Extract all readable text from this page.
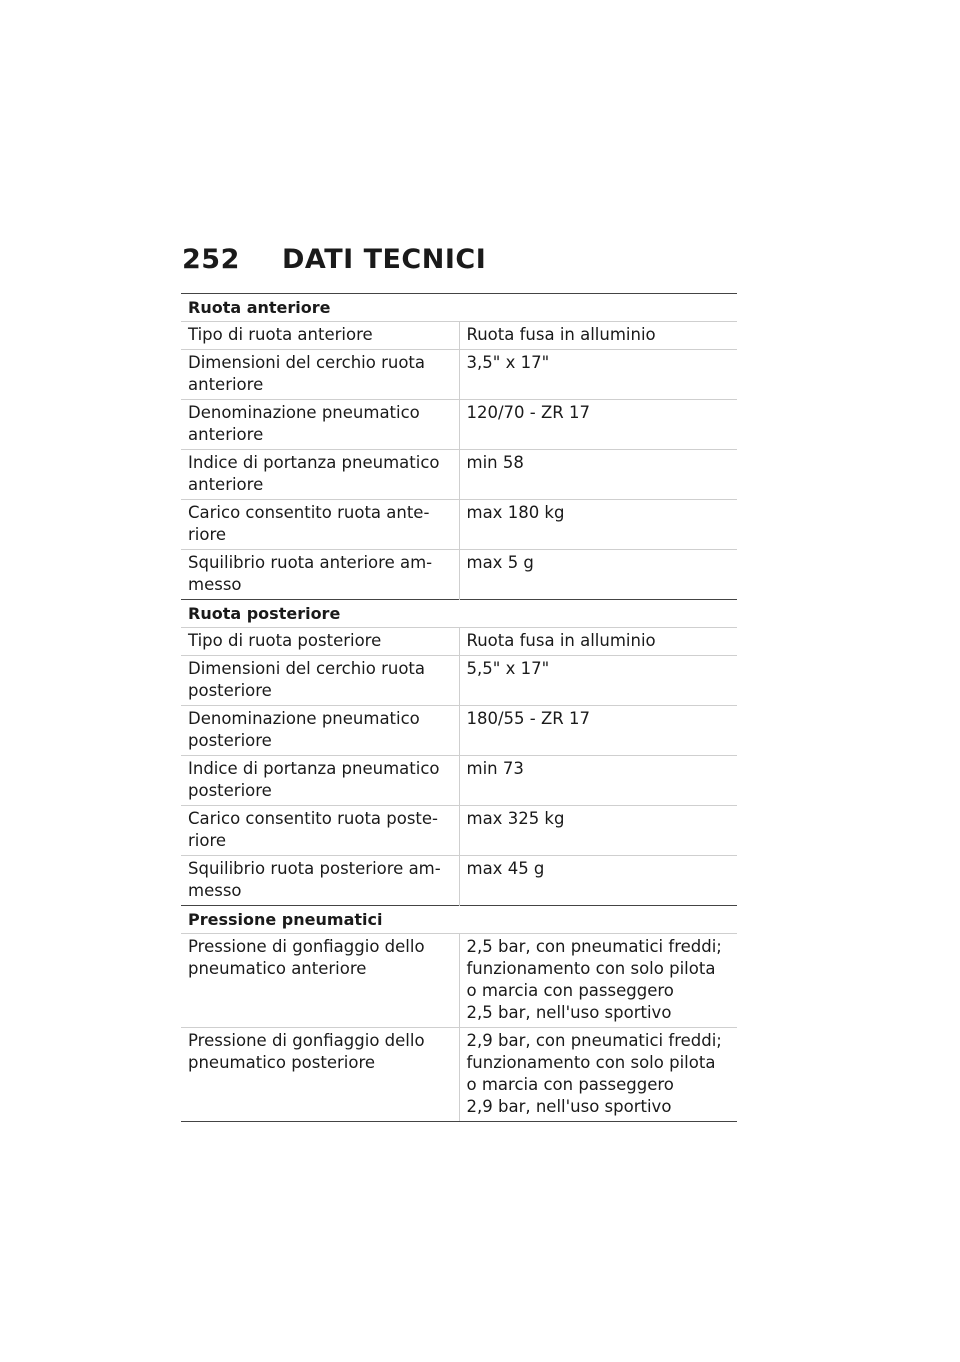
252 DATI TECNICI
Ruota anteriore	

Tipo di ruota anteriore	Ruota fusa in alluminio

Dimensioni del cerchio ruota
anteriore	3,5" x 17"

Denominazione pneumatico
anteriore	120/70 - ZR 17

Indice di portanza pneumatico
anteriore	min 58

Carico consentito ruota ante-
riore	max 180 kg

Squilibrio ruota anteriore am-
messo	max 5 g

Ruota posteriore	

Tipo di ruota posteriore	Ruota fusa in alluminio

Dimensioni del cerchio ruota
posteriore	5,5" x 17"

Denominazione pneumatico
posteriore	180/55 - ZR 17

Indice di portanza pneumatico
posteriore	min 73

Carico consentito ruota poste-
riore	max 325 kg

Squilibrio ruota posteriore am-
messo	max 45 g

Pressione pneumatici	

Pressione di gonfiaggio dello
pneumatico anteriore	2,5 bar, con pneumatici freddi;
funzionamento con solo pilota
o marcia con passeggero
2,5 bar, nell'uso sportivo

Pressione di gonfiaggio dello
pneumatico posteriore	2,9 bar, con pneumatici freddi;
funzionamento con solo pilota
o marcia con passeggero
2,9 bar, nell'uso sportivo
